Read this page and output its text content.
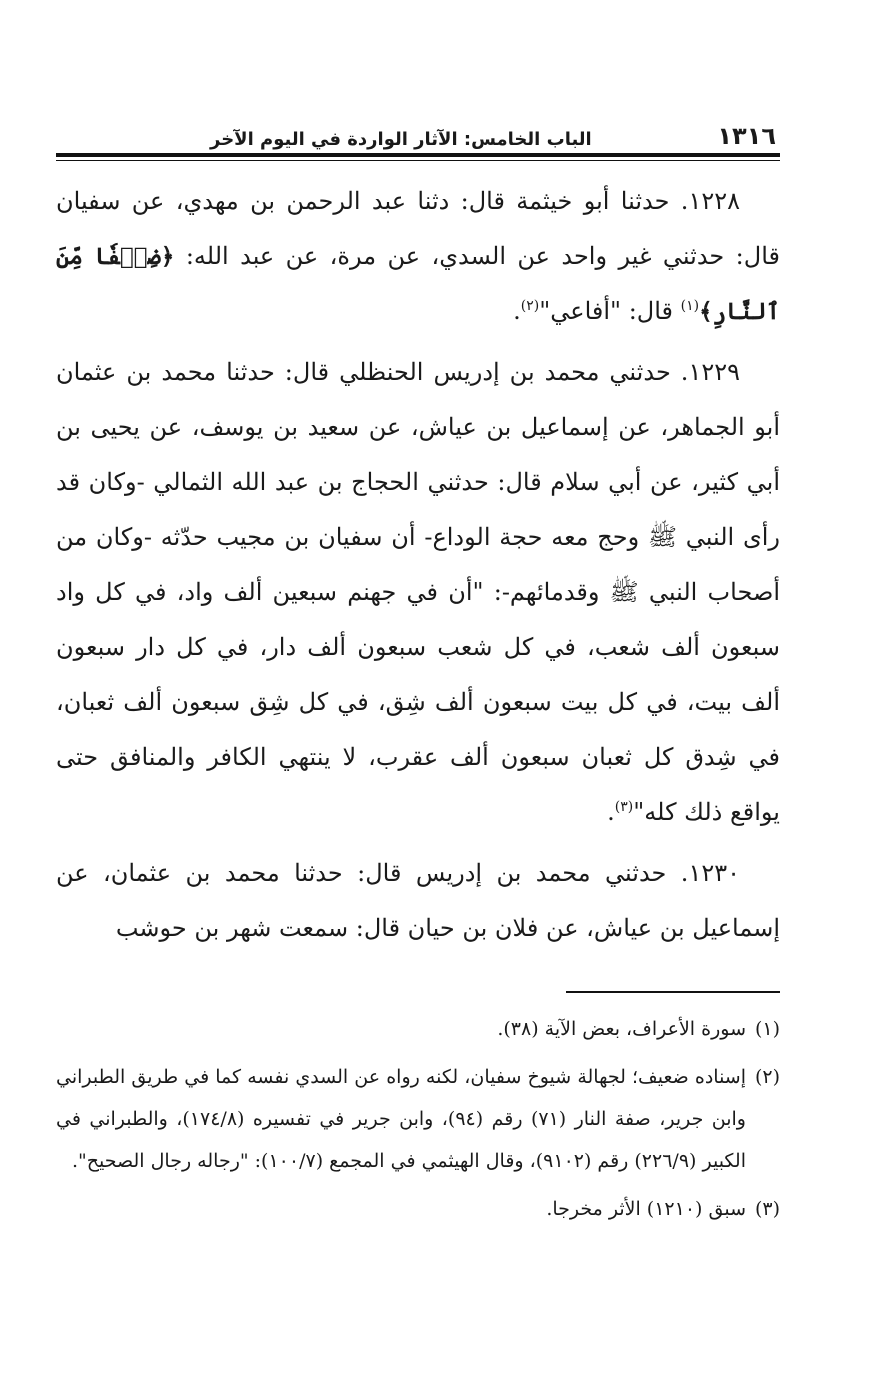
١٣١٦
الباب الخامس: الآثار الواردة في اليوم الآخر

١٢٢٨. حدثنا أبو خيثمة قال: دثنا عبد الرحمن بن مهدي، عن سفيان قال: حدثني غير واحد عن السدي، عن مرة، عن عبد الله: ﴿ضِعۡفٗا مِّنَ ٱلنَّارِ﴾$^{(١)}$ قال: "أفاعي"$^{(٢)}$.

١٢٢٩. حدثني محمد بن إدريس الحنظلي قال: حدثنا محمد بن عثمان أبو الجماهر، عن إسماعيل بن عياش، عن سعيد بن يوسف، عن يحيى بن أبي كثير، عن أبي سلام قال: حدثني الحجاج بن عبد الله الثمالي -وكان قد رأى النبي ﷺ وحج معه حجة الوداع- أن سفيان بن مجيب حدّثه -وكان من أصحاب النبي ﷺ وقدمائهم-: "أن في جهنم سبعين ألف واد، في كل واد سبعون ألف شعب، في كل شعب سبعون ألف دار، في كل دار سبعون ألف بيت، في كل بيت سبعون ألف شِق، في كل شِق سبعون ألف ثعبان، في شِدق كل ثعبان سبعون ألف عقرب، لا ينتهي الكافر والمنافق حتى يواقع ذلك كله"$^{(٣)}$.

١٢٣٠. حدثني محمد بن إدريس قال: حدثنا محمد بن عثمان، عن إسماعيل بن عياش، عن فلان بن حيان قال: سمعت شهر بن حوشب

(١)سورة الأعراف، بعض الآية (٣٨).
(٢)إسناده ضعيف؛ لجهالة شيوخ سفيان، لكنه رواه عن السدي نفسه كما في طريق الطبراني وابن جرير، صفة النار (٧١) رقم (٩٤)، وابن جرير في تفسيره (١٧٤/٨)، والطبراني في الكبير (٢٢٦/٩) رقم (٩١٠٢)، وقال الهيثمي في المجمع (١٠٠/٧): "رجاله رجال الصحيح".
(٣)سبق (١٢١٠) الأثر مخرجا.
